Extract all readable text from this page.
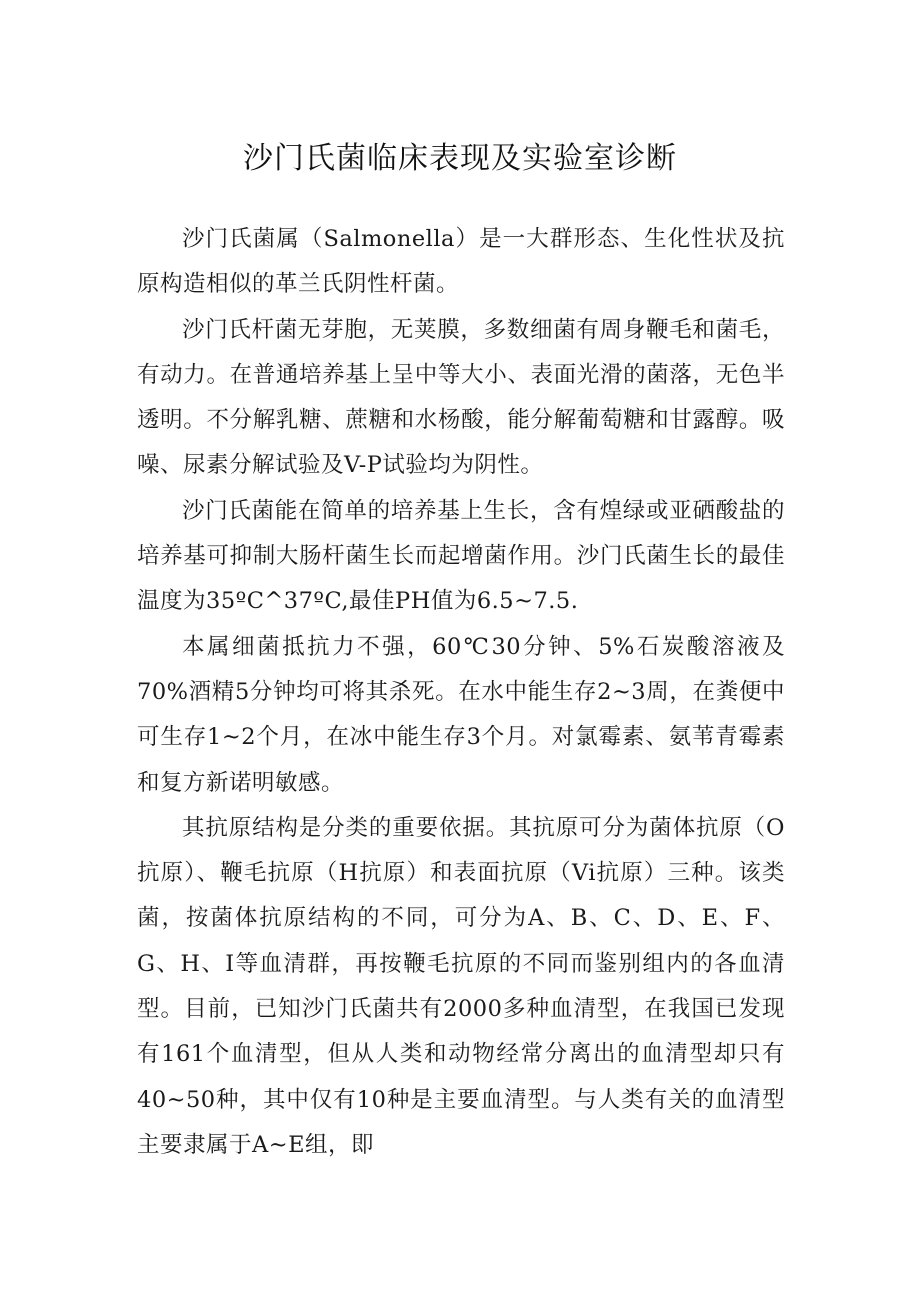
沙门氏菌临床表现及实验室诊断

沙门氏菌属（Salmonella）是一大群形态、生化性状及抗原构造相似的革兰氏阴性杆菌。

沙门氏杆菌无芽胞，无荚膜，多数细菌有周身鞭毛和菌毛，有动力。在普通培养基上呈中等大小、表面光滑的菌落，无色半透明。不分解乳糖、蔗糖和水杨酸，能分解葡萄糖和甘露醇。吸噪、尿素分解试验及V-P试验均为阴性。

沙门氏菌能在简单的培养基上生长，含有煌绿或亚硒酸盐的培养基可抑制大肠杆菌生长而起增菌作用。沙门氏菌生长的最佳温度为35ºC^37ºC,最佳PH值为6.5~7.5.

本属细菌抵抗力不强，60℃30分钟、5%石炭酸溶液及70%酒精5分钟均可将其杀死。在水中能生存2~3周，在粪便中可生存1~2个月，在冰中能生存3个月。对氯霉素、氨苇青霉素和复方新诺明敏感。

其抗原结构是分类的重要依据。其抗原可分为菌体抗原（O抗原）、鞭毛抗原（H抗原）和表面抗原（Vi抗原）三种。该类菌，按菌体抗原结构的不同，可分为A、B、C、D、E、F、G、H、I等血清群，再按鞭毛抗原的不同而鉴别组内的各血清型。目前，已知沙门氏菌共有2000多种血清型，在我国已发现有161个血清型，但从人类和动物经常分离出的血清型却只有40~50种，其中仅有10种是主要血清型。与人类有关的血清型主要隶属于A~E组，即
